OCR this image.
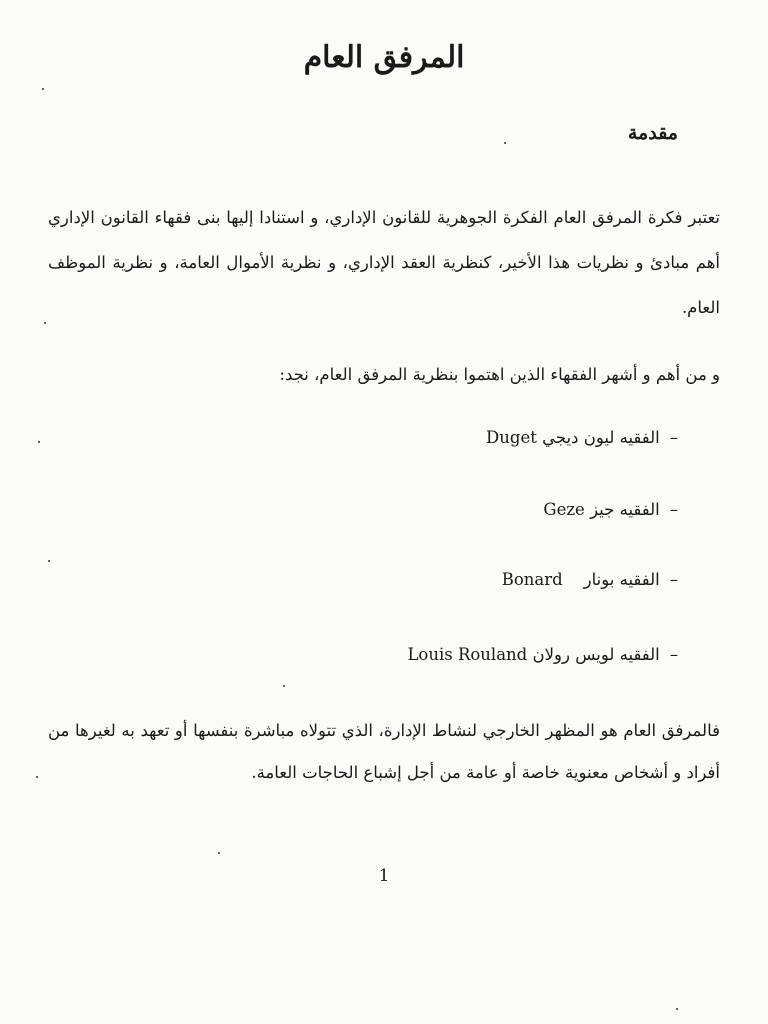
المرفق العام
مقدمة

تعتبر فكرة المرفق العام الفكرة الجوهرية للقانون الإداري، و استنادا إليها بنى فقهاء القانون الإداري أهم مبادئ و نظريات هذا الأخير، كنظرية العقد الإداري، و نظرية الأموال العامة، و نظرية الموظف العام.

و من أهم و أشهر الفقهاء الذين اهتموا بنظرية المرفق العام، نجد:

–الفقيه ليون ديجي Duget
–الفقيه جيز Geze
–الفقيه بونار    Bonard
–الفقيه لويس رولان Louis Rouland

فالمرفق العام هو المظهر الخارجي لنشاط الإدارة، الذي تتولاه مباشرة بنفسها أو تعهد به لغيرها من أفراد و أشخاص معنوية خاصة أو عامة من أجل إشباع الحاجات العامة.

1
